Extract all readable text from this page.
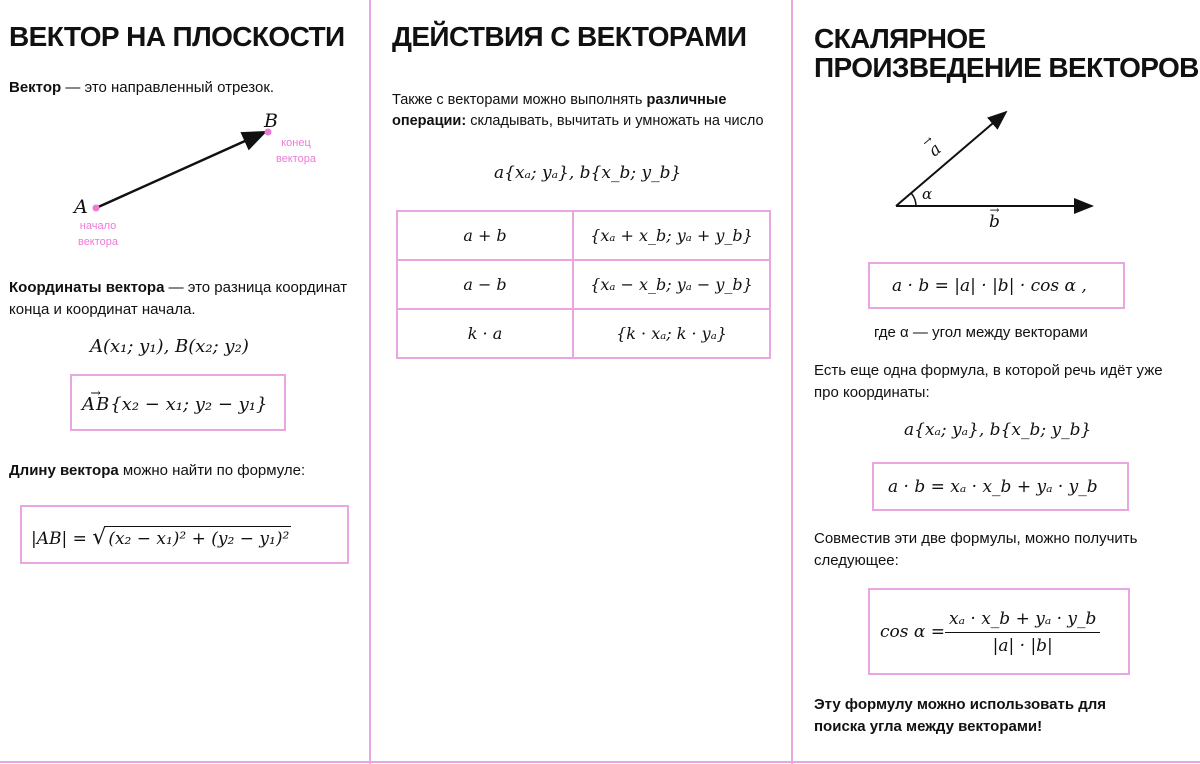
ВЕКТОР НА ПЛОСКОСТИ
Вектор — это направленный отрезок.
B
A
конец вектора
начало вектора
Координаты вектора — это разница координат конца и координат начала.
A(x₁; y₁), B(x₂; y₂)
→ AB{x₂ − x₁; y₂ − y₁}
Длину вектора можно найти по формуле:
|AB| = √ (x₂ − x₁)² + (y₂ − y₁)²
ДЕЙСТВИЯ С ВЕКТОРАМИ
Также с векторами можно выполнять различные операции: складывать, вычитать и умножать на число
a{xₐ; yₐ}, b{x_b; y_b}
a + b	{xₐ + x_b; yₐ + y_b}
a − b	{xₐ − x_b; yₐ − y_b}
k · a	{k · xₐ; k · yₐ}
СКАЛЯРНОЕ
ПРОИЗВЕДЕНИЕ ВЕКТОРОВ
→ a
α
→ b
a · b = |a| · |b| · cos α ,
где α — угол между векторами
Есть еще одна формула, в которой речь идёт уже про координаты:
a{xₐ; yₐ}, b{x_b; y_b}
a · b = xₐ · x_b + yₐ · y_b
Совместив эти две формулы, можно получить следующее:
$\cos \alpha = \frac{\text{xₐ · x\_b + yₐ · y\_b}}{|a| \cdot |b|}$
Эту формулу можно использовать для поиска угла между векторами!
